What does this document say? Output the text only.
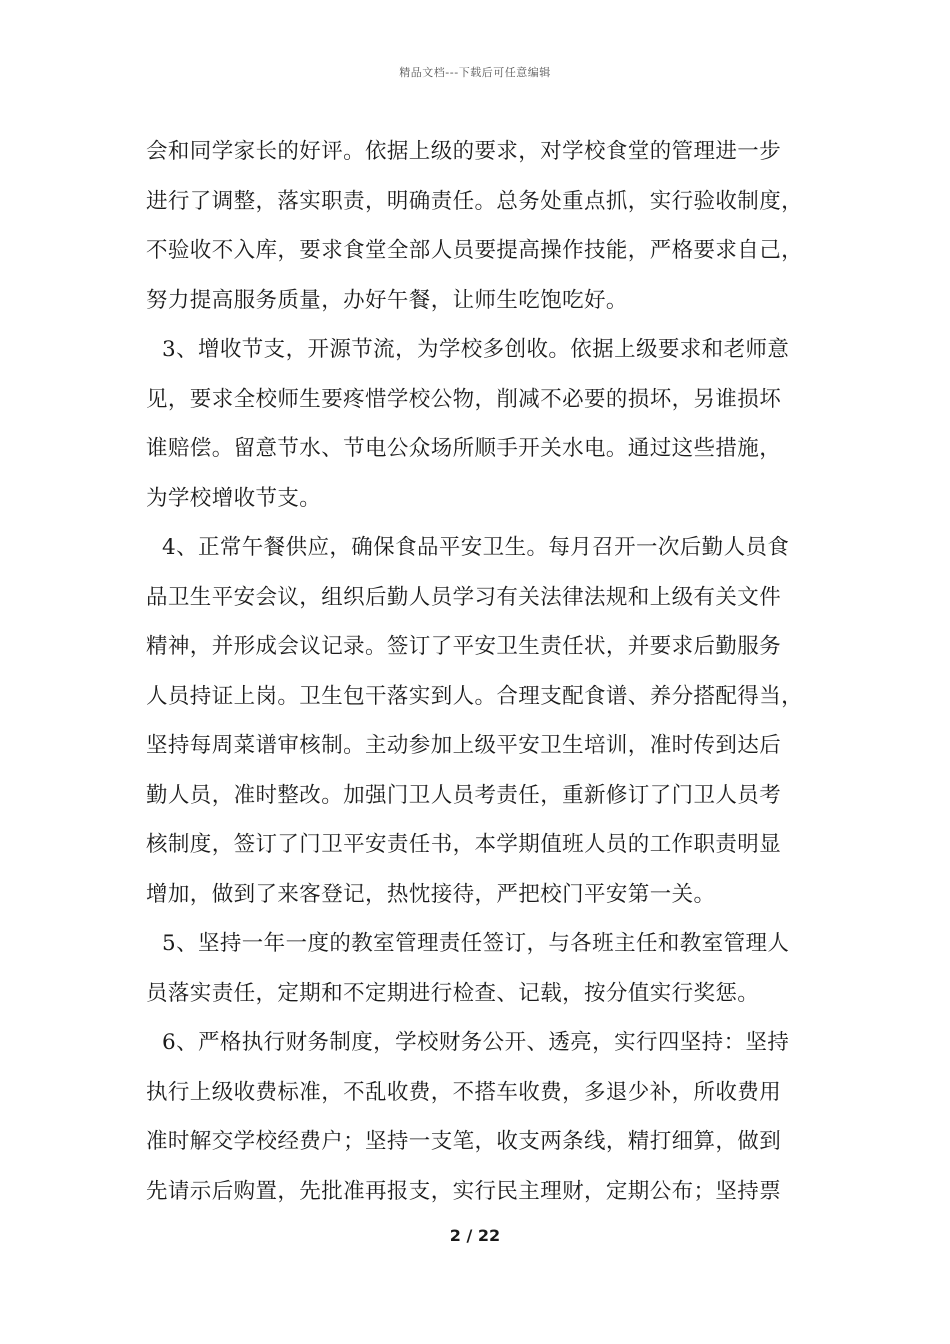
精品文档---下载后可任意编辑
会和同学家长的好评。依据上级的要求，对学校食堂的管理进一步
进行了调整，落实职责，明确责任。总务处重点抓，实行验收制度，
不验收不入库，要求食堂全部人员要提高操作技能，严格要求自己，
努力提高服务质量，办好午餐，让师生吃饱吃好。
3、增收节支，开源节流，为学校多创收。依据上级要求和老师意
见，要求全校师生要疼惜学校公物，削减不必要的损坏，另谁损坏
谁赔偿。留意节水、节电公众场所顺手开关水电。通过这些措施，
为学校增收节支。
4、正常午餐供应，确保食品平安卫生。每月召开一次后勤人员食
品卫生平安会议，组织后勤人员学习有关法律法规和上级有关文件
精神，并形成会议记录。签订了平安卫生责任状，并要求后勤服务
人员持证上岗。卫生包干落实到人。合理支配食谱、养分搭配得当，
坚持每周菜谱审核制。主动参加上级平安卫生培训，准时传到达后
勤人员，准时整改。加强门卫人员考责任，重新修订了门卫人员考
核制度，签订了门卫平安责任书，本学期值班人员的工作职责明显
增加，做到了来客登记，热忱接待，严把校门平安第一关。
5、坚持一年一度的教室管理责任签订，与各班主任和教室管理人
员落实责任，定期和不定期进行检查、记载，按分值实行奖惩。
6、严格执行财务制度，学校财务公开、透亮，实行四坚持：坚持
执行上级收费标准，不乱收费，不搭车收费，多退少补，所收费用
准时解交学校经费户；坚持一支笔，收支两条线，精打细算，做到
先请示后购置，先批准再报支，实行民主理财，定期公布；坚持票
2 / 22
